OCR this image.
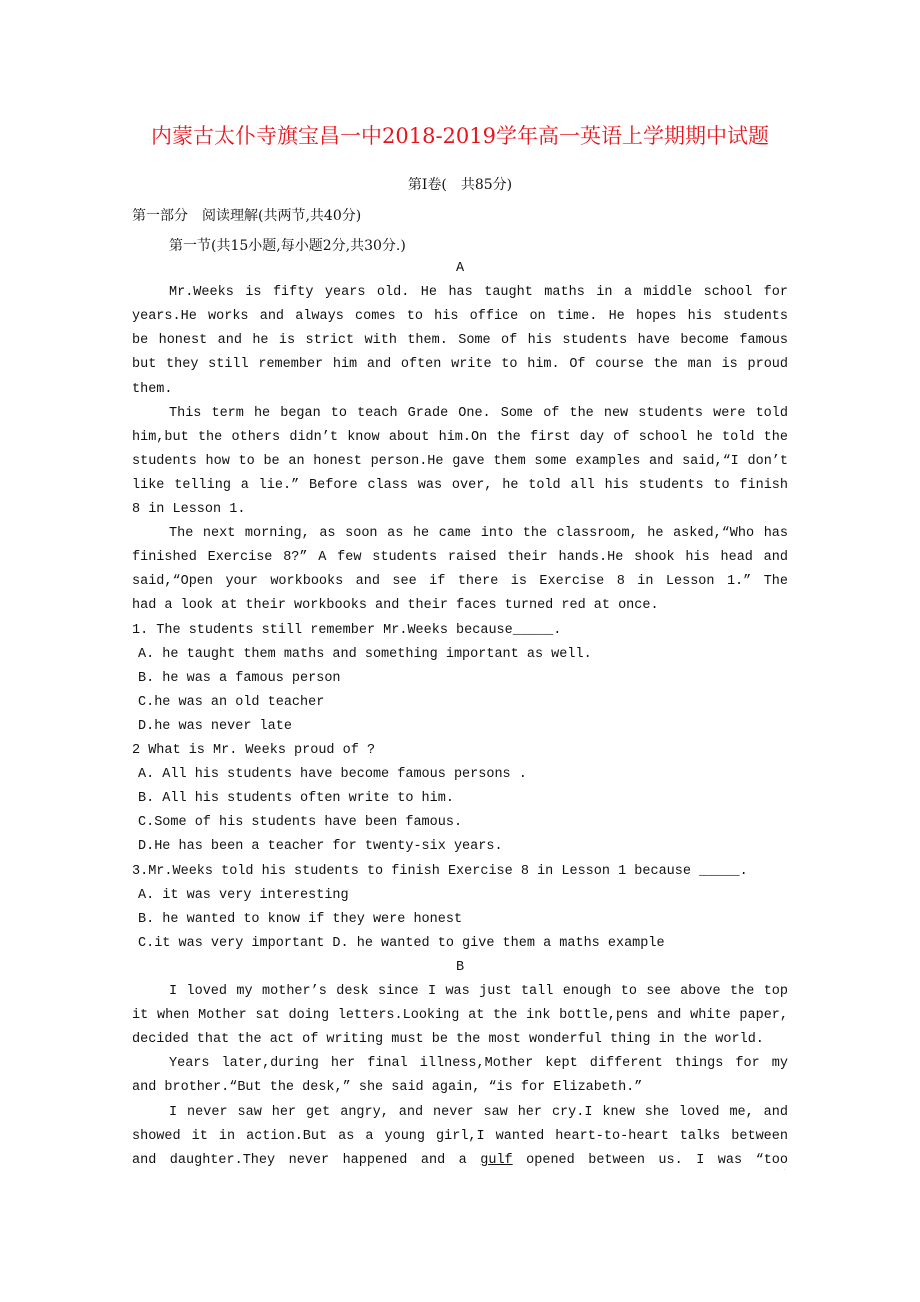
内蒙古太仆寺旗宝昌一中2018-2019学年高一英语上学期期中试题
第Ⅰ卷(　共85分)
第一部分　阅读理解(共两节,共40分)
第一节(共15小题,每小题2分,共30分.)
A
Mr.Weeks is fifty years old. He has taught maths in a middle school for
years.He works and always comes to his office on time. He hopes his students
be honest and he is strict with them. Some of his students have become famous
but they still remember him and often write to him. Of course the man is proud
them.
This term he began to teach Grade One. Some of the new students were told
him,but the others didn’t know about him.On the first day of school he told the
students how to be an honest person.He gave them some examples and said,“I don’t
like telling a lie.” Before class was over, he told all his students to finish
8 in Lesson 1.
The next morning, as soon as he came into the classroom, he asked,“Who has
finished Exercise 8?” A few students raised their hands.He shook his head and
said,“Open your workbooks and see if there is Exercise 8 in Lesson 1.” The
had a look at their workbooks and their faces turned red at once.
1. The students still remember Mr.Weeks because_____.
A. he taught them maths and something important as well.
B. he was a famous person
C.he was an old teacher
D.he was never late
2 What is Mr. Weeks proud of ?
A. All his students have become famous persons .
B. All his students often write to him.
C.Some of his students have been famous.
D.He has been a teacher for twenty-six years.
3.Mr.Weeks told his students to finish Exercise 8 in Lesson 1 because _____.
A. it was very interesting
B. he wanted to know if they were honest
C.it was very important D. he wanted to give them a maths example
B
I loved my mother’s desk since I was just tall enough to see above the top
it when Mother sat doing letters.Looking at the ink bottle,pens and white paper,
decided that the act of writing must be the most wonderful thing in the world.
Years later,during her final illness,Mother kept different things for my
and brother.“But the desk,” she said again, “is for Elizabeth.”
I never saw her get angry, and never saw her cry.I knew she loved me, and
showed it in action.But as a young girl,I wanted heart-to-heart talks between
and daughter.They never happened and a gulf opened between us. I was “too
